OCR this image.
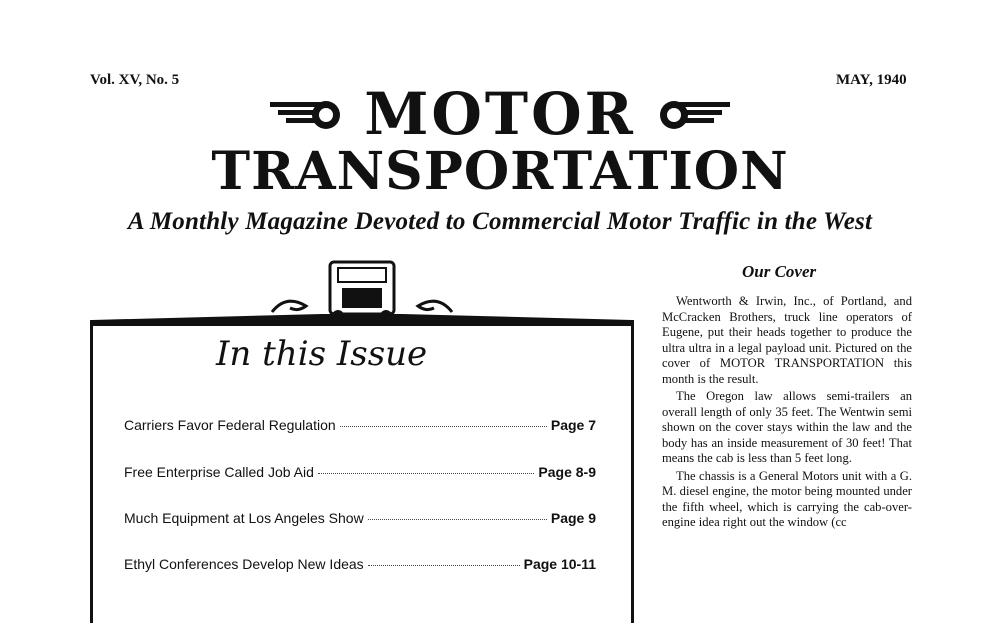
Vol. XV, No. 5	MAY, 1940
MOTOR
TRANSPORTATION
A Monthly Magazine Devoted to Commercial Motor Traffic in the West
In this Issue
Carriers Favor Federal Regulation	Page 7
Free Enterprise Called Job Aid	Page 8-9
Much Equipment at Los Angeles Show	Page 9
Ethyl Conferences Develop New Ideas	Page 10-11
Our Cover

Wentworth & Irwin, Inc., of Portland, and McCracken Brothers, truck line operators of Eugene, put their heads together to produce the ultra ultra in a legal payload unit. Pictured on the cover of MOTOR TRANSPORTATION this month is the result.

The Oregon law allows semi-trailers an overall length of only 35 feet. The Wentwin semi shown on the cover stays within the law and the body has an inside measurement of 30 feet! That means the cab is less than 5 feet long.

The chassis is a General Motors unit with a G. M. diesel engine, the motor being mounted under the fifth wheel, which is carrying the cab-over-engine idea right out the window (cc
